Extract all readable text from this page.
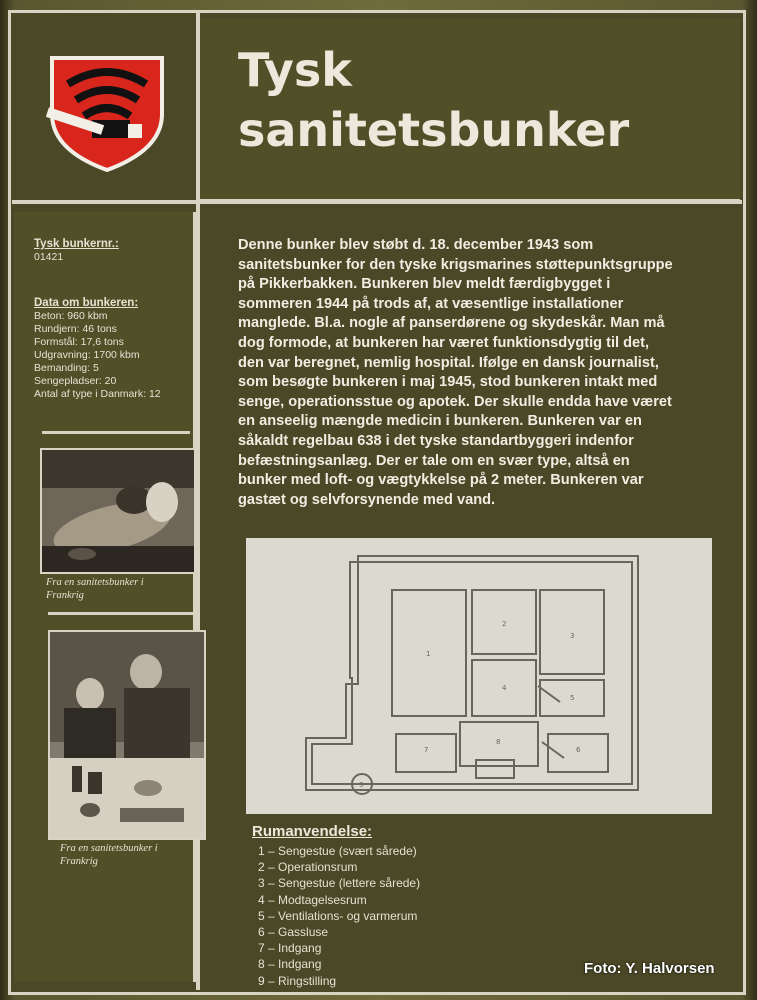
Tysk
sanitetsbunker
Tysk bunkernr.:
01421
Data om bunkeren:
Beton: 960 kbm
Rundjern: 46 tons
Formstål: 17,6 tons
Udgravning: 1700 kbm
Bemanding: 5
Sengepladser: 20
Antal af type i Danmark: 12
Fra en sanitetsbunker i
Frankrig
Fra en sanitetsbunker i
Frankrig
Denne bunker blev støbt d. 18. december 1943 som
sanitetsbunker for den tyske krigsmarines støttepunktsgruppe
på Pikkerbakken. Bunkeren blev meldt færdigbygget i
sommeren 1944 på trods af, at væsentlige installationer
manglede. Bl.a. nogle af panserdørene og skydeskår. Man må
dog formode, at bunkeren har været funktionsdygtig til det,
den var beregnet, nemlig hospital. Ifølge en dansk journalist,
som besøgte bunkeren i maj 1945, stod bunkeren intakt med
senge, operationsstue og apotek. Der skulle endda have været
en anseelig mængde medicin i bunkeren. Bunkeren var en
såkaldt regelbau 638 i det tyske standartbyggeri indenfor
befæstningsanlæg. Der er tale om en svær type, altså en
bunker med loft- og vægtykkelse på 2 meter. Bunkeren var
gastæt og selvforsynende med vand.
1
2
3
4
5
6
7
8
9
Rumanvendelse:
1 – Sengestue (svært sårede)
2 – Operationsrum
3 – Sengestue (lettere sårede)
4 – Modtagelsesrum
5 – Ventilations- og varmerum
6 – Gassluse
7 – Indgang
8 – Indgang
9 – Ringstilling
Foto: Y. Halvorsen
